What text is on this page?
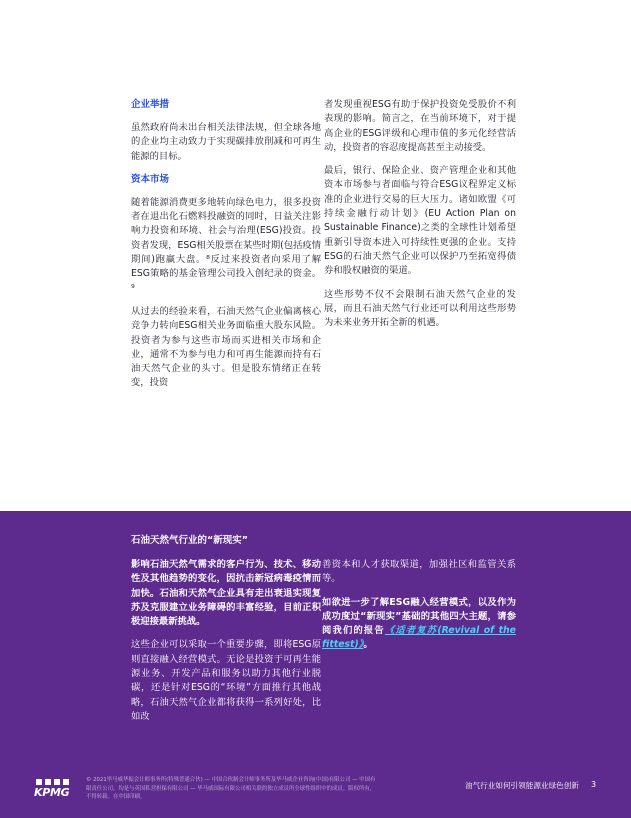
企业举措
虽然政府尚未出台相关法律法规，但全球各地的企业均主动致力于实现碳排放削减和可再生能源的目标。
资本市场
随着能源消费更多地转向绿色电力，很多投资者在退出化石燃料投融资的同时，日益关注影响力投资和环境、社会与治理(ESG)投资。投资者发现，ESG相关股票在某些时期(包括疫情期间)跑赢大盘。⁸反过来投资者向采用了解ESG策略的基金管理公司投入创纪录的资金。⁹
从过去的经验来看，石油天然气企业偏离核心竞争力转向ESG相关业务面临重大股东风险。投资者为参与这些市场而买进相关市场和企业，通常不为参与电力和可再生能源而持有石油天然气企业的头寸。但是股东情绪正在转变，投资
者发现重视ESG有助于保护投资免受股价不利表现的影响。简言之，在当前环境下，对于提高企业的ESG评级和心理市值的多元化经营活动，投资者的容忍度提高甚至主动接受。
最后，银行、保险企业、资产管理企业和其他资本市场参与者面临与符合ESG议程界定义标准的企业进行交易的巨大压力。诸如欧盟《可持续金融行动计划》(EU Action Plan on Sustainable Finance)之类的全球性计划希望重新引导资本进入可持续性更强的企业。支持ESG的石油天然气企业可以保护乃至拓宽得债券和股权融资的渠道。
这些形势不仅不会限制石油天然气企业的发展，而且石油天然气行业还可以利用这些形势为未来业务开拓全新的机遇。
石油天然气行业的“新现实”
影响石油天然气需求的客户行为、技术、移动性及其他趋势的变化，因抗击新冠病毒疫情而加快。石油和天然气企业具有走出衰退实现复苏及克服建立业务障碍的丰富经验，目前正积极迎接最新挑战。
这些企业可以采取一个重要步骤，即将ESG原则直接融入经营模式。无论是投资于可再生能源业务、开发产品和服务以助力其他行业脱碳，还是针对ESG的“环境”方面推行其他战略，石油天然气企业都将获得一系列好处，比如改
善资本和人才获取渠道，加强社区和监管关系等。
如欲进一步了解ESG融入经营模式，以及作为成功度过“新现实”基础的其他四大主题，请参阅我们的报告《适者复苏(Revival of the fittest)》。
KPMG
© 2021毕马威华振会计师事务所(特殊普通合伙) — 中国合伙制会计师事务所及毕马威企业咨询(中国)有限公司 — 中国有限责任公司，均是与英国私营担保有限公司 — 毕马威国际有限公司相关联的独立成员所全球性组织中的成员。版权所有，不得转载。在中国印刷。
油气行业如何引领能源业绿色创新 3
